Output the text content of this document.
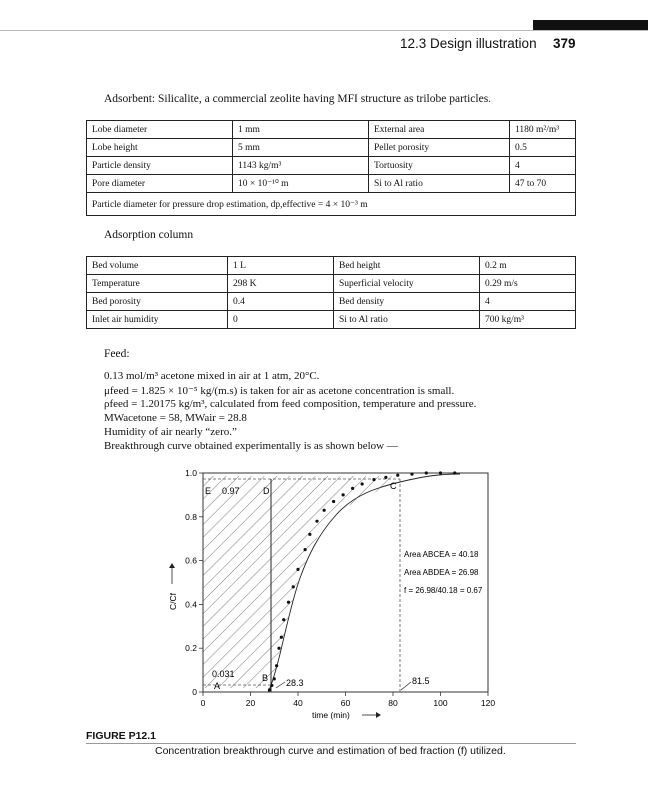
12.3 Design illustration 379
Adsorbent: Silicalite, a commercial zeolite having MFI structure as trilobe particles.
Lobe diameter	1 mm	External area	1180 m²/m³
Lobe height	5 mm	Pellet porosity	0.5
Particle density	1143 kg/m³	Tortuosity	4
Pore diameter	10 × 10⁻¹⁰ m	Si to Al ratio	47 to 70
Particle diameter for pressure drop estimation, dp,effective = 4 × 10⁻³ m			
Adsorption column
Bed volume	1 L	Bed height	0.2 m
Temperature	298 K	Superficial velocity	0.29 m/s
Bed porosity	0.4	Bed density	4
Inlet air humidity	0	Si to Al ratio	700 kg/m³
Feed:
0.13 mol/m³ acetone mixed in air at 1 atm, 20°C.
μfeed = 1.825 × 10⁻⁵ kg/(m.s) is taken for air as acetone concentration is small.
ρfeed = 1.20175 kg/m³, calculated from feed composition, temperature and pressure.
MWacetone = 58, MWair = 28.8
Humidity of air nearly “zero.”
Breakthrough curve obtained experimentally is as shown below —
0	20	40	60	80	100	120
0
0.2
0.4
0.6
0.8
1.0
E 0.97	D	C
0.031
A
B 28.3	81.5
Area ABCEA = 40.18
Area ABDEA = 26.98
f = 26.98/40.18 = 0.67
time (min)
C/Cf
FIGURE P12.1
Concentration breakthrough curve and estimation of bed fraction (f) utilized.
